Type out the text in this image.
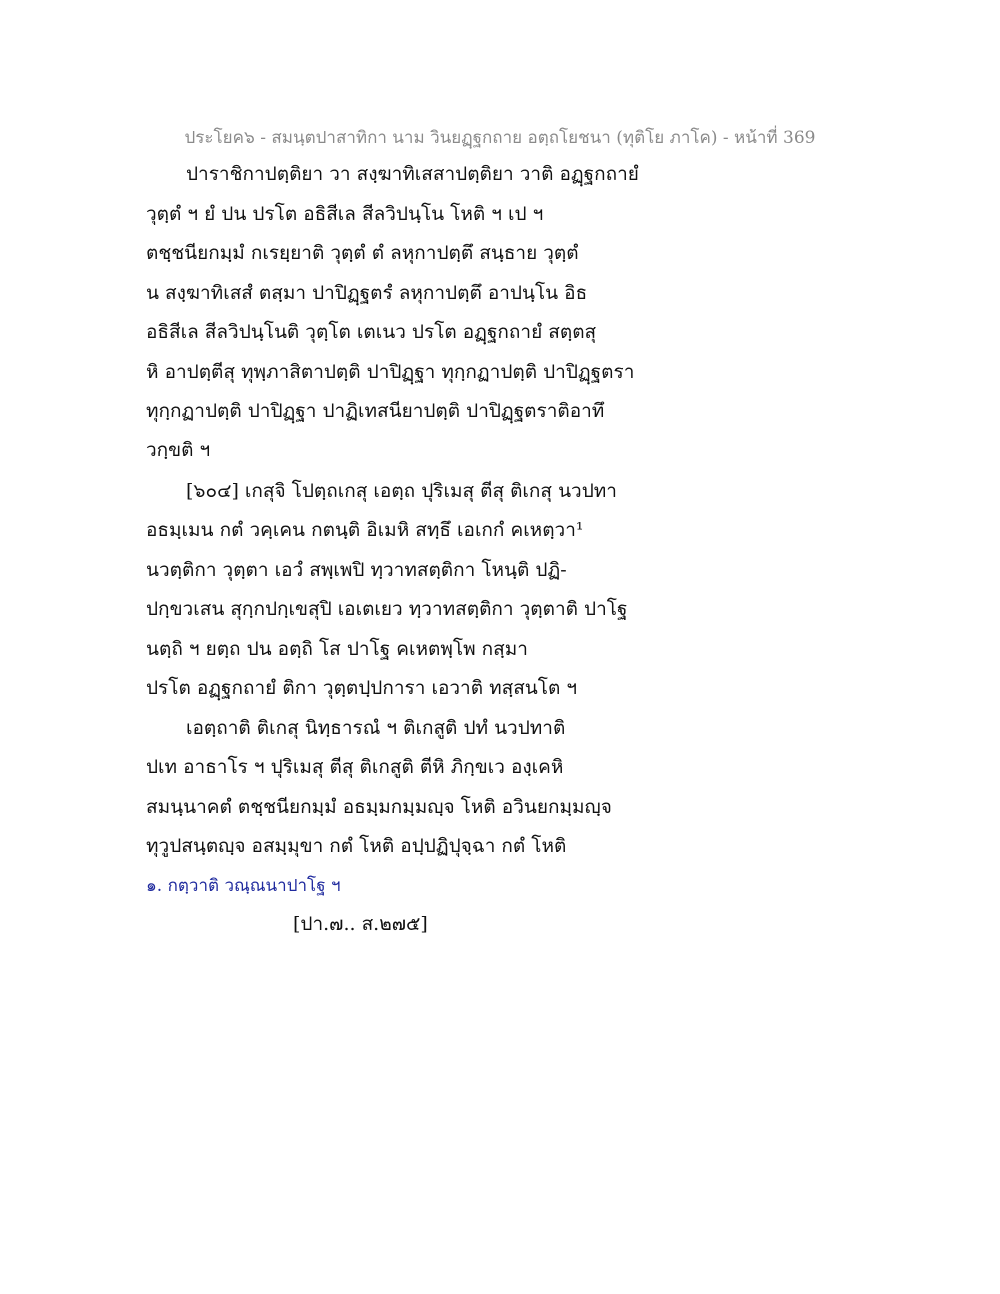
ประโยค๖ - สมนฺตปาสาทิกา นาม วินยฏฺฐกถาย อตฺถโยชนา (ทุติโย ภาโค) - หน้าที่ 369
ปาราชิกาปตฺติยา วา สงฺฆาทิเสสาปตฺติยา วาติ อฏฺฐกถายํ
วุตฺตํ ฯ ยํ ปน ปรโต อธิสีเล สีลวิปนฺโน โหติ ฯ เป ฯ
ตชฺชนียกมฺมํ กเรยฺยาติ วุตฺตํ ตํ ลหุกาปตฺตึ สนฺธาย วุตฺตํ
น สงฺฆาทิเสสํ ตสฺมา ปาปิฏฺฐตรํ ลหุกาปตฺตึ อาปนฺโน อิธ
อธิสีเล สีลวิปนฺโนติ วุตฺโต เตเนว ปรโต อฏฺฐกถายํ สตฺตสุ
หิ อาปตฺตีสุ ทุพฺภาสิตาปตฺติ ปาปิฏฺฐา ทุกฺกฏาปตฺติ ปาปิฏฺฐตรา
ทุกฺกฏาปตฺติ ปาปิฏฺฐา ปาฏิเทสนียาปตฺติ ปาปิฏฺฐตราติอาทึ
วกฺขติ ฯ
[๖๐๔] เกสุจิ โปตฺถเกสุ เอตฺถ ปุริเมสุ ตีสุ ติเกสุ นวปทา
อธมฺเมน กตํ วคฺเคน กตนฺติ อิเมหิ สทฺธึ เอเกกํ คเหตฺวา¹
นวตฺติกา วุตฺตา เอวํ สพฺเพปิ ทฺวาทสตฺติกา โหนฺติ ปฏิ-
ปกฺขวเสน สุกฺกปกฺเขสุปิ เอเตเยว ทฺวาทสตฺติกา วุตฺตาติ ปาโฐ
นตฺถิ ฯ ยตฺถ ปน อตฺถิ โส ปาโฐ คเหตพฺโพ กสฺมา
ปรโต อฏฺฐกถายํ ติกา วุตฺตปฺปการา เอวาติ ทสฺสนโต ฯ
เอตฺถาติ ติเกสุ นิทฺธารณํ ฯ ติเกสูติ ปทํ นวปทาติ
ปเท อาธาโร ฯ ปุริเมสุ ตีสุ ติเกสูติ ตีหิ ภิกฺขเว องฺเคหิ
สมนฺนาคตํ ตชฺชนียกมฺมํ อธมฺมกมฺมญฺจ โหติ อวินยกมฺมญฺจ
ทุวูปสนฺตญฺจ อสมฺมุขา กตํ โหติ อปฺปฏิปุจฺฉา กตํ โหติ
๑. กตฺวาติ วณฺณนาปาโฐ ฯ
[ปา.๗.. ส.๒๗๕]
